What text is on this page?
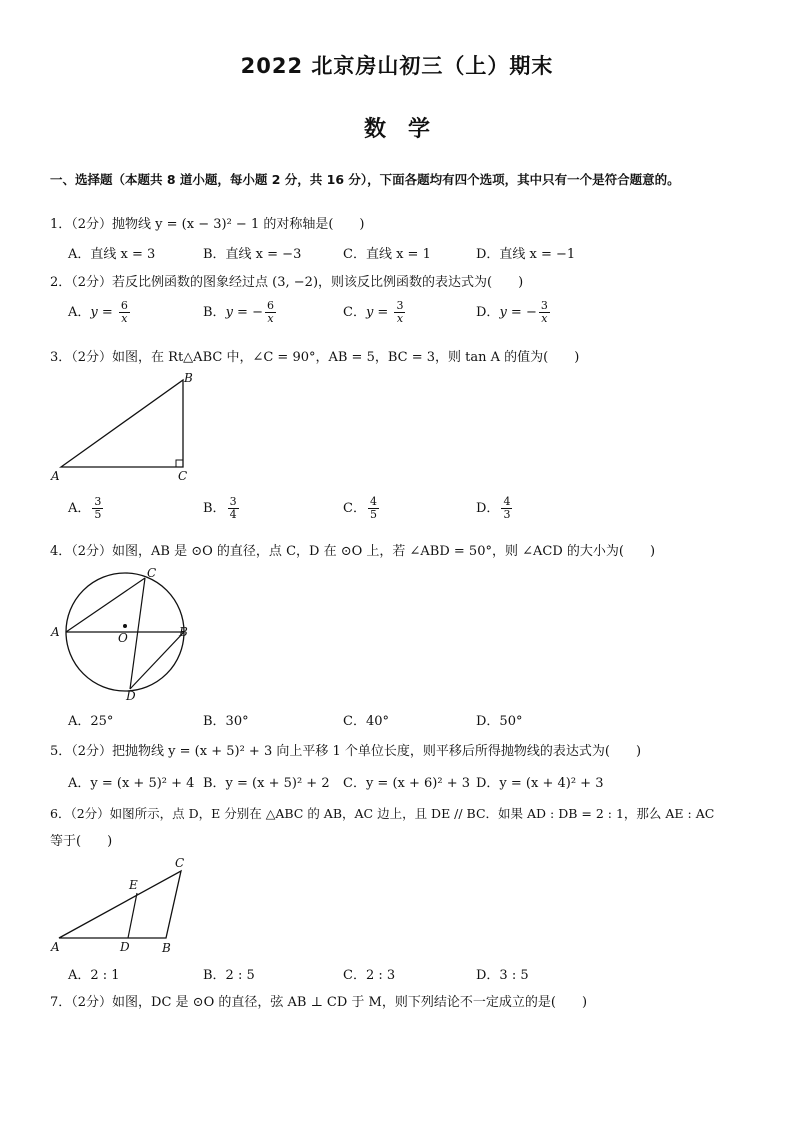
2022 北京房山初三（上）期末
数　学
一、选择题（本题共 8 道小题，每小题 2 分，共 16 分），下面各题均有四个选项，其中只有一个是符合题意的。
1．（2分）抛物线 y = (x − 3)² − 1 的对称轴是(　　)
A．直线 x = 3	B．直线 x = −3	C．直线 x = 1	D．直线 x = −1
2．（2分）若反比例函数的图象经过点 (3, −2)，则该反比例函数的表达式为(　　)
A．$y = \frac{6}{x}$	B．y = − $\frac{6}{x}$	C．$y = \frac{3}{x}$	D．y = − $\frac{3}{x}$
3．（2分）如图，在 Rt△ABC 中，∠C = 90°，AB = 5，BC = 3，则 tan A 的值为(　　)
A
B
C
A． $\frac{3}{5}$	B． $\frac{3}{4}$	C． $\frac{4}{5}$	D． $\frac{4}{3}$
4．（2分）如图，AB 是 ⊙O 的直径，点 C，D 在 ⊙O 上，若 ∠ABD = 50°，则 ∠ACD 的大小为(　　)
A	B
C
D
O
A．25°	B．30°	C．40°	D．50°
5．（2分）把抛物线 y = (x + 5)² + 3 向上平移 1 个单位长度，则平移后所得抛物线的表达式为(　　)
A．y = (x + 5)² + 4 B．y = (x + 5)² + 2 C．y = (x + 6)² + 3 D．y = (x + 4)² + 3
6．（2分）如图所示，点 D，E 分别在 △ABC 的 AB，AC 边上，且 DE // BC．如果 AD : DB = 2 : 1，那么 AE : AC
等于(　　)
A	B
C
D
E
A．2 : 1	B．2 : 5	C．2 : 3	D．3 : 5
7．（2分）如图，DC 是 ⊙O 的直径，弦 AB ⊥ CD 于 M，则下列结论不一定成立的是(　　)
